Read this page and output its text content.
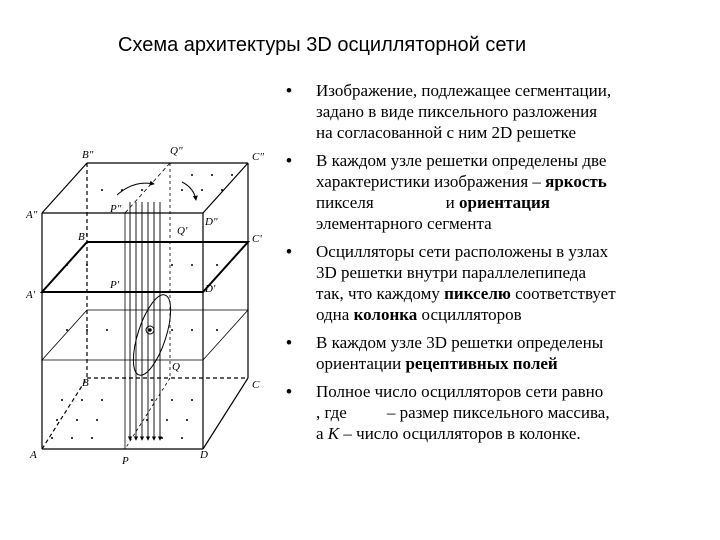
Схема архитектуры 3D осцилляторной сети
B"	Q"	C"
P"
A"
D"
B'	Q'
C'
P'
A'	D'
B
Q
C
A	P	D
• Изображение, подлежащее сегментации,
задано в виде пиксельного разложения
на согласованной с ним 2D решетке
• В каждом узле решетки определены две
характеристики изображения – яркость
пикселя	и ориентация
элементарного сегмента
• Осцилляторы сети расположены в узлах
3D решетки внутри параллелепипеда
так, что каждому пикселю соответствует
одна колонка осцилляторов
• В каждом узле 3D решетки определены
ориентации рецептивных полей
• Полное число осцилляторов сети равно
, где – размер пиксельного массива,
а K – число осцилляторов в колонке.
